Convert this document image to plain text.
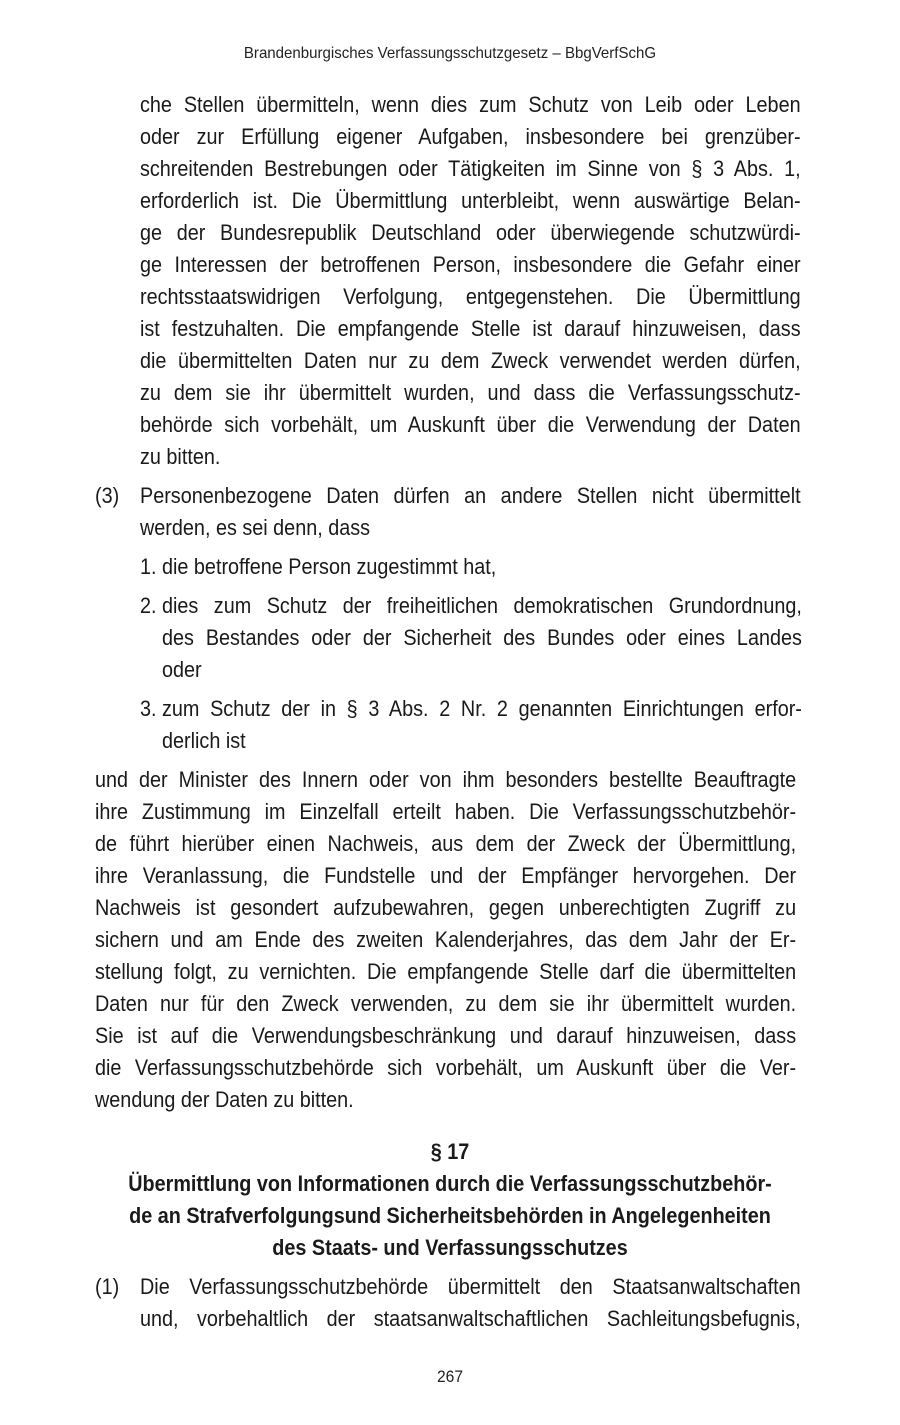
Brandenburgisches Verfassungsschutzgesetz – BbgVerfSchG
che Stellen übermitteln, wenn dies zum Schutz von Leib oder Leben
oder zur Erfüllung eigener Aufgaben, insbesondere bei grenzüber-
schreitenden Bestrebungen oder Tätigkeiten im Sinne von § 3 Abs. 1,
erforderlich ist. Die Übermittlung unterbleibt, wenn auswärtige Belan-
ge der Bundesrepublik Deutschland oder überwiegende schutzwürdi-
ge Interessen der betroffenen Person, insbesondere die Gefahr einer
rechtsstaatswidrigen Verfolgung, entgegenstehen. Die Übermittlung
ist festzuhalten. Die empfangende Stelle ist darauf hinzuweisen, dass
die übermittelten Daten nur zu dem Zweck verwendet werden dürfen,
zu dem sie ihr übermittelt wurden, und dass die Verfassungsschutz-
behörde sich vorbehält, um Auskunft über die Verwendung der Daten
zu bitten.
(3) Personenbezogene Daten dürfen an andere Stellen nicht übermittelt
werden, es sei denn, dass
1. die betroffene Person zugestimmt hat,
2. dies zum Schutz der freiheitlichen demokratischen Grundordnung,
des Bestandes oder der Sicherheit des Bundes oder eines Landes
oder
3. zum Schutz der in § 3 Abs. 2 Nr. 2 genannten Einrichtungen erfor-
derlich ist
und der Minister des Innern oder von ihm besonders bestellte Beauftragte
ihre Zustimmung im Einzelfall erteilt haben. Die Verfassungsschutzbehör-
de führt hierüber einen Nachweis, aus dem der Zweck der Übermittlung,
ihre Veranlassung, die Fundstelle und der Empfänger hervorgehen. Der
Nachweis ist gesondert aufzubewahren, gegen unberechtigten Zugriff zu
sichern und am Ende des zweiten Kalenderjahres, das dem Jahr der Er-
stellung folgt, zu vernichten. Die empfangende Stelle darf die übermittelten
Daten nur für den Zweck verwenden, zu dem sie ihr übermittelt wurden.
Sie ist auf die Verwendungsbeschränkung und darauf hinzuweisen, dass
die Verfassungsschutzbehörde sich vorbehält, um Auskunft über die Ver-
wendung der Daten zu bitten.
§ 17
Übermittlung von Informationen durch die Verfassungsschutzbehör-
de an Strafverfolgungsund Sicherheitsbehörden in Angelegenheiten
des Staats- und Verfassungsschutzes
(1) Die Verfassungsschutzbehörde übermittelt den Staatsanwaltschaften
und, vorbehaltlich der staatsanwaltschaftlichen Sachleitungsbefugnis,
267
